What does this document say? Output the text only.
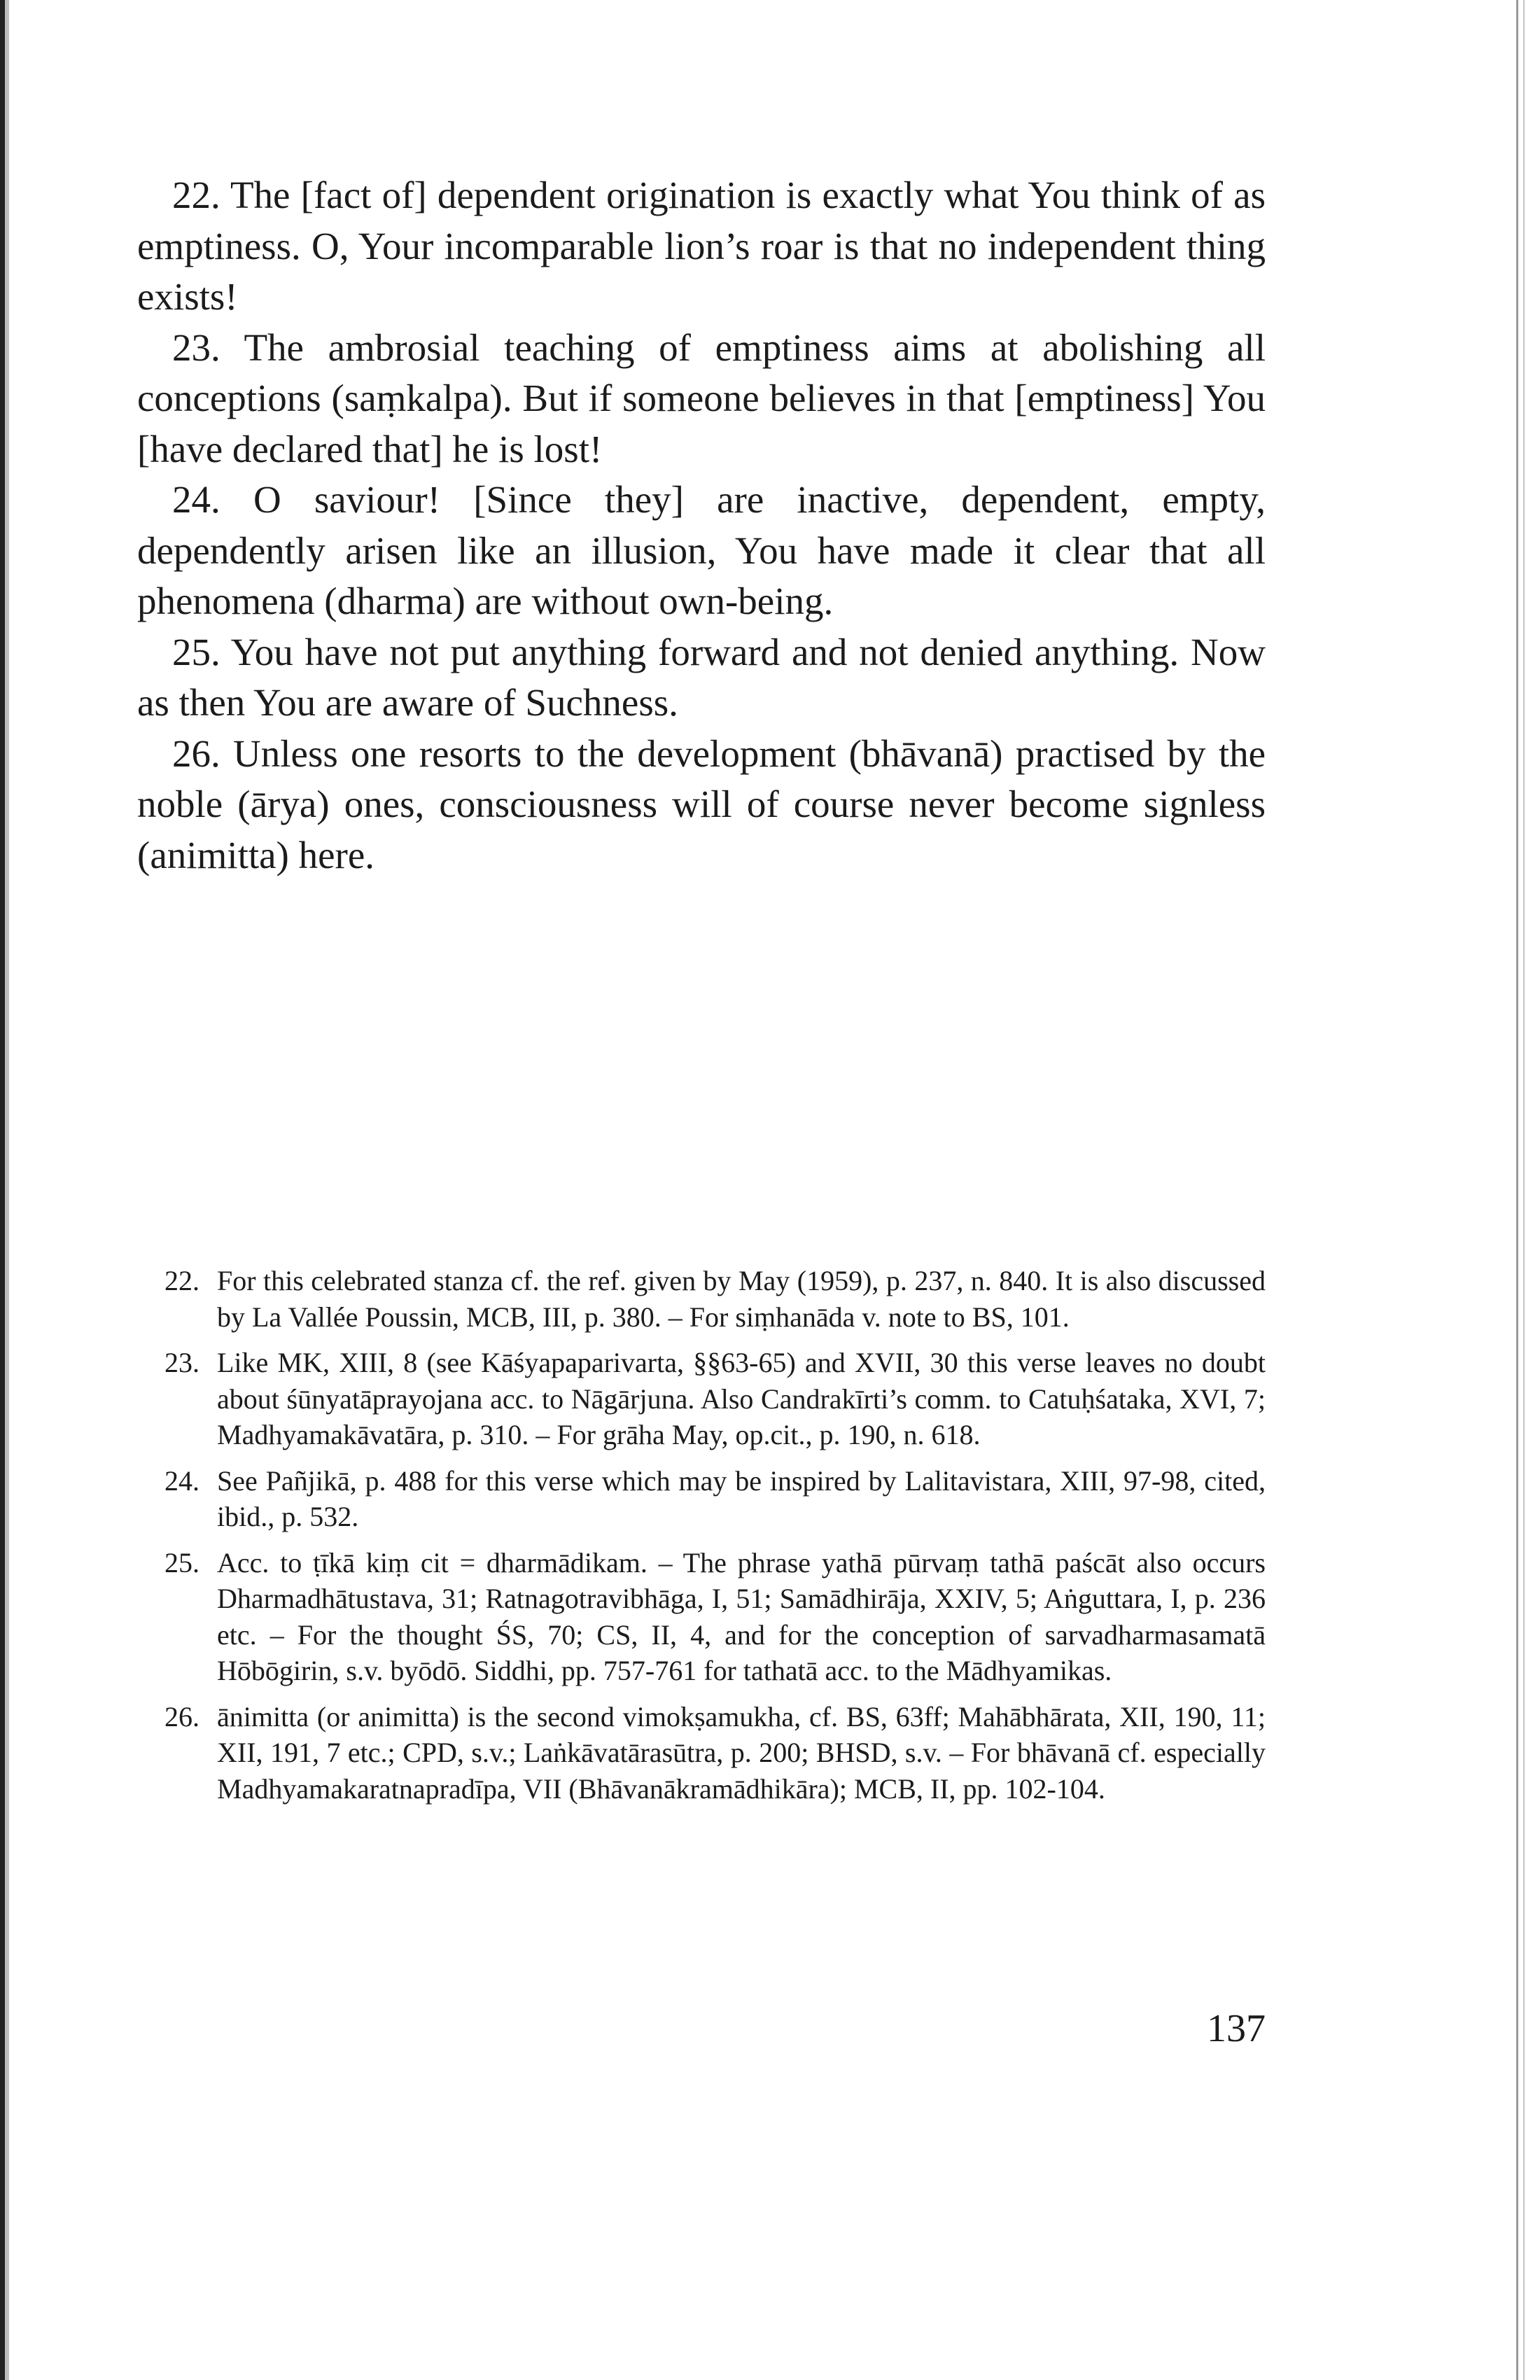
22. The [fact of] dependent origination is exactly what You think of as emptiness. O, Your incomparable lion’s roar is that no independent thing exists!

23. The ambrosial teaching of emptiness aims at abolishing all conceptions (saṃkalpa). But if someone believes in that [emptiness] You [have declared that] he is lost!

24. O saviour! [Since they] are inactive, dependent, empty, dependently arisen like an illusion, You have made it clear that all phenomena (dharma) are without own-being.

25. You have not put anything forward and not denied anything. Now as then You are aware of Suchness.

26. Unless one resorts to the development (bhāvanā) practised by the noble (ārya) ones, consciousness will of course never become signless (animitta) here.

22. For this celebrated stanza cf. the ref. given by May (1959), p. 237, n. 840. It is also discussed by La Vallée Poussin, MCB, III, p. 380. – For siṃhanāda v. note to BS, 101.

23. Like MK, XIII, 8 (see Kāśyapaparivarta, §§63-65) and XVII, 30 this verse leaves no doubt about śūnyatāprayojana acc. to Nāgārjuna. Also Candrakīrti’s comm. to Catuḥśataka, XVI, 7; Madhyamakāvatāra, p. 310. – For grāha May, op.cit., p. 190, n. 618.

24. See Pañjikā, p. 488 for this verse which may be inspired by Lalitavistara, XIII, 97-98, cited, ibid., p. 532.

25. Acc. to ṭīkā kiṃ cit = dharmādikam. – The phrase yathā pūrvaṃ tathā paścāt also occurs Dharmadhātustava, 31; Ratnagotravibhāga, I, 51; Samādhirāja, XXIV, 5; Aṅguttara, I, p. 236 etc. – For the thought ŚS, 70; CS, II, 4, and for the conception of sarvadharmasamatā Hōbōgirin, s.v. byōdō. Siddhi, pp. 757-761 for tathatā acc. to the Mādhyamikas.

26. ānimitta (or animitta) is the second vimokṣamukha, cf. BS, 63ff; Mahābhārata, XII, 190, 11; XII, 191, 7 etc.; CPD, s.v.; Laṅkāvatārasūtra, p. 200; BHSD, s.v. – For bhāvanā cf. especially Madhyamakaratnapradīpa, VII (Bhāvanākramādhikāra); MCB, II, pp. 102-104.

137
